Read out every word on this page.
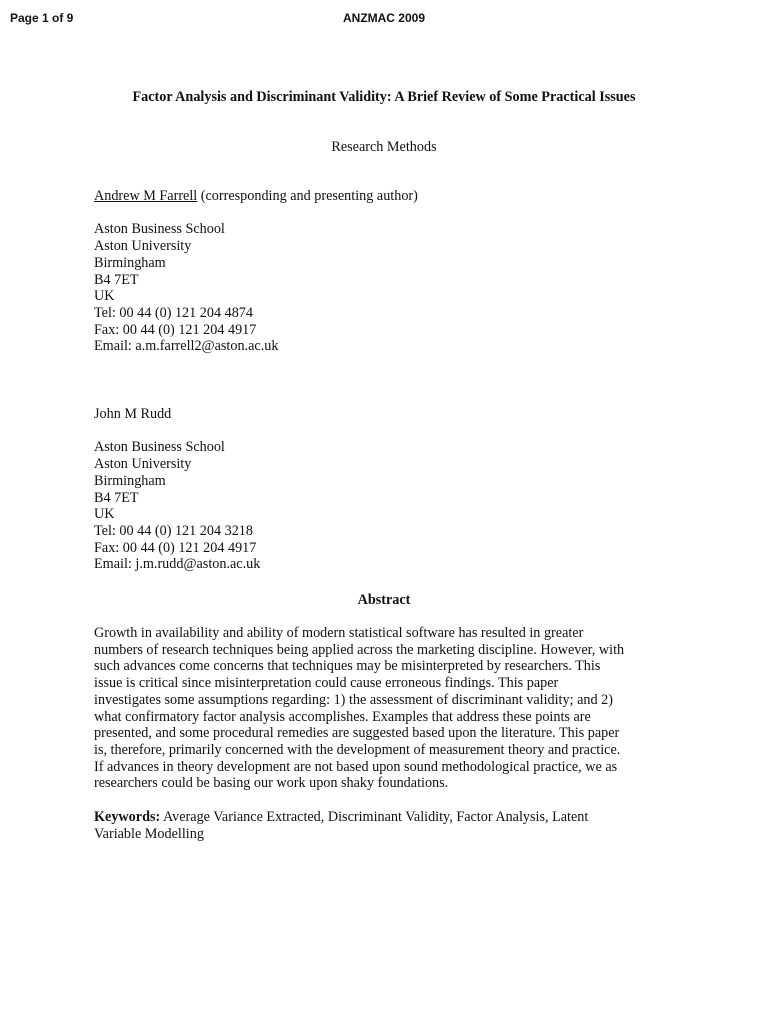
Page 1 of 9	ANZMAC 2009
Factor Analysis and Discriminant Validity: A Brief Review of Some Practical Issues
Research Methods
Andrew M Farrell (corresponding and presenting author)
Aston Business School
Aston University
Birmingham
B4 7ET
UK
Tel: 00 44 (0) 121 204 4874
Fax: 00 44 (0) 121 204 4917
Email: a.m.farrell2@aston.ac.uk
John M Rudd
Aston Business School
Aston University
Birmingham
B4 7ET
UK
Tel: 00 44 (0) 121 204 3218
Fax: 00 44 (0) 121 204 4917
Email: j.m.rudd@aston.ac.uk
Abstract
Growth in availability and ability of modern statistical software has resulted in greater
numbers of research techniques being applied across the marketing discipline. However, with
such advances come concerns that techniques may be misinterpreted by researchers. This
issue is critical since misinterpretation could cause erroneous findings. This paper
investigates some assumptions regarding: 1) the assessment of discriminant validity; and 2)
what confirmatory factor analysis accomplishes. Examples that address these points are
presented, and some procedural remedies are suggested based upon the literature. This paper
is, therefore, primarily concerned with the development of measurement theory and practice.
If advances in theory development are not based upon sound methodological practice, we as
researchers could be basing our work upon shaky foundations.
Keywords: Average Variance Extracted, Discriminant Validity, Factor Analysis, Latent
Variable Modelling
